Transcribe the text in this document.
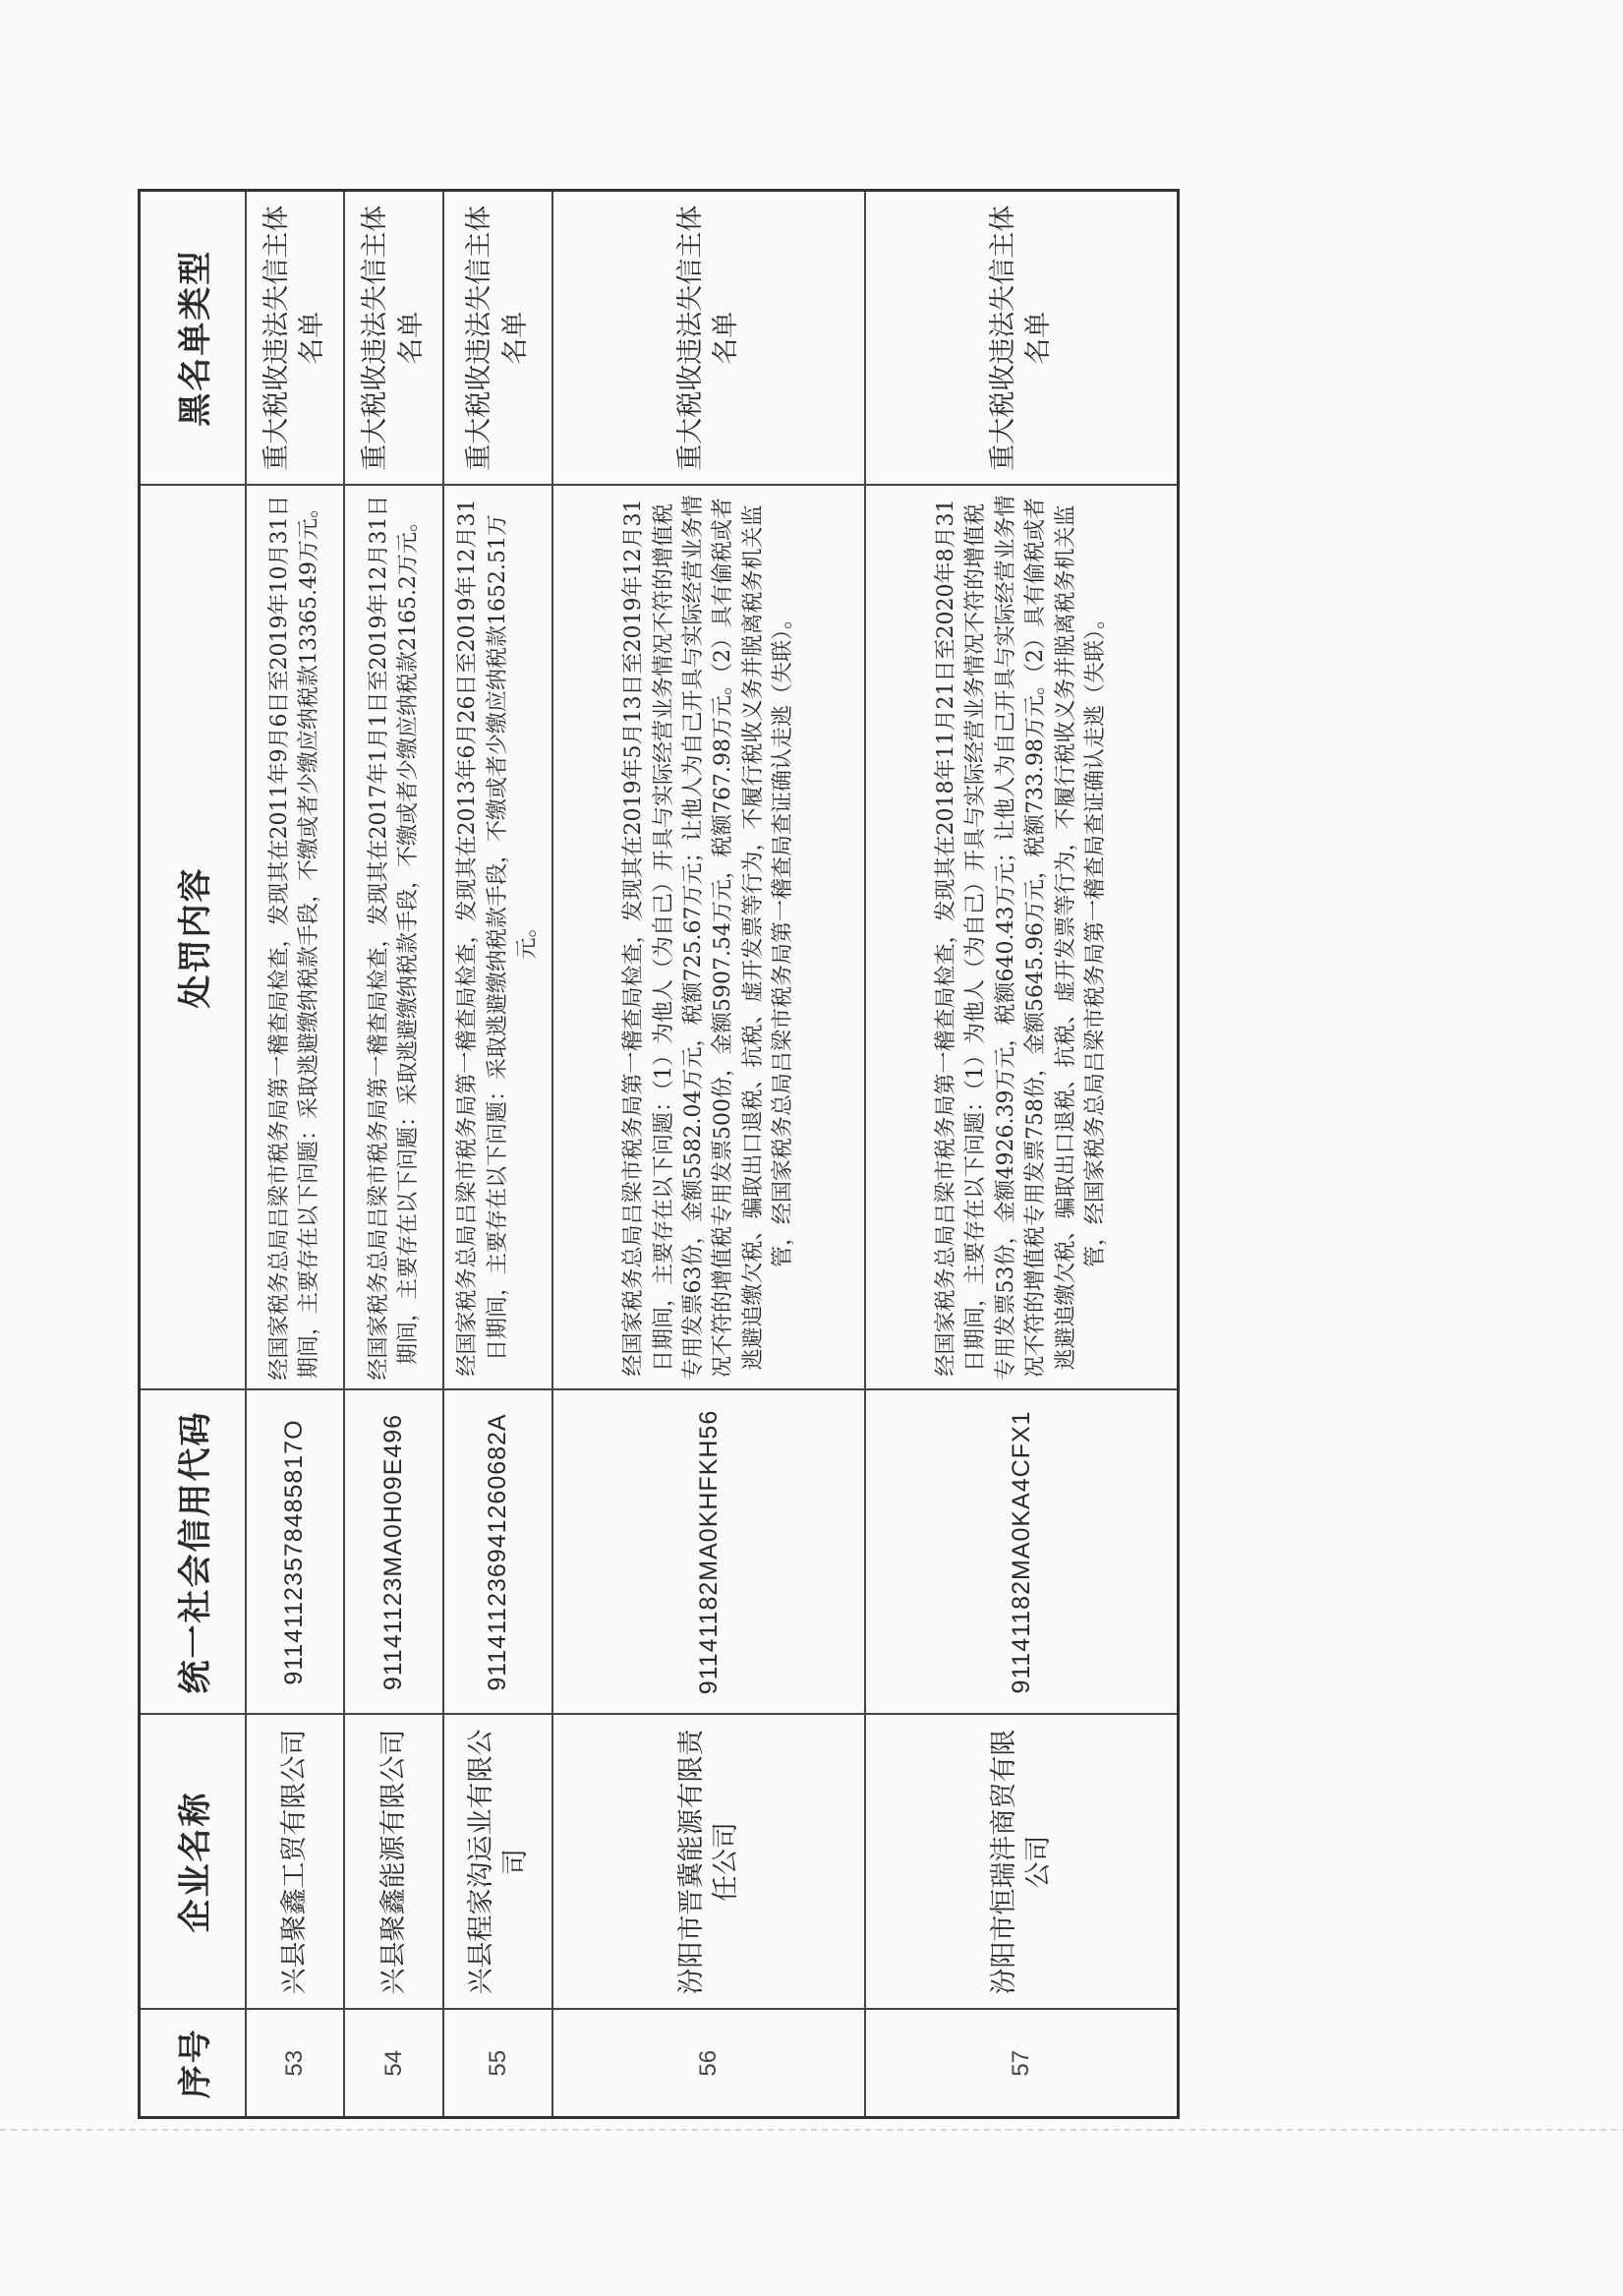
序号	企业名称	统一社会信用代码	处罚内容	黑名单类型
53	兴县聚鑫工贸有限公司	91141123578485817O	经国家税务总局吕梁市税务局第一稽查局检查，发现其在2011年9月6日至2019年10月31日期间，主要存在以下问题：采取逃避缴纳税款手段，不缴或者少缴应纳税款13365.49万元。	重大税收违法失信主体名单
54	兴县聚鑫能源有限公司	91141123MA0H09E496	经国家税务总局吕梁市税务局第一稽查局检查，发现其在2017年1月1日至2019年12月31日期间，主要存在以下问题：采取逃避缴纳税款手段，不缴或者少缴应纳税款2165.2万元。	重大税收违法失信主体名单
55	兴县程家沟运业有限公司	911411236941260682A	经国家税务总局吕梁市税务局第一稽查局检查，发现其在2013年6月26日至2019年12月31日期间，主要存在以下问题：采取逃避缴纳税款手段，不缴或者少缴应纳税款1652.51万元。	重大税收违法失信主体名单
56	汾阳市晋冀能源有限责任公司	91141182MA0KHFKH56	经国家税务总局吕梁市税务局第一稽查局检查，发现其在2019年5月13日至2019年12月31日期间，主要存在以下问题：（1）为他人（为自己）开具与实际经营业务情况不符的增值税专用发票63份，金额5582.04万元，税额725.67万元；让他人为自己开具与实际经营业务情况不符的增值税专用发票500份，金额5907.54万元，税额767.98万元。（2）具有偷税或者逃避追缴欠税、骗取出口退税、抗税、虚开发票等行为，不履行税收义务并脱离税务机关监管，经国家税务总局吕梁市税务局第一稽查局查证确认走逃（失联）。	重大税收违法失信主体名单
57	汾阳市恒瑞沣商贸有限公司	91141182MA0KA4CFX1	经国家税务总局吕梁市税务局第一稽查局检查，发现其在2018年11月21日至2020年8月31日期间，主要存在以下问题：（1）为他人（为自己）开具与实际经营业务情况不符的增值税专用发票53份，金额4926.39万元，税额640.43万元；让他人为自己开具与实际经营业务情况不符的增值税专用发票758份，金额5645.96万元，税额733.98万元。（2）具有偷税或者逃避追缴欠税、骗取出口退税、抗税、虚开发票等行为，不履行税收义务并脱离税务机关监管，经国家税务总局吕梁市税务局第一稽查局查证确认走逃（失联）。	重大税收违法失信主体名单
